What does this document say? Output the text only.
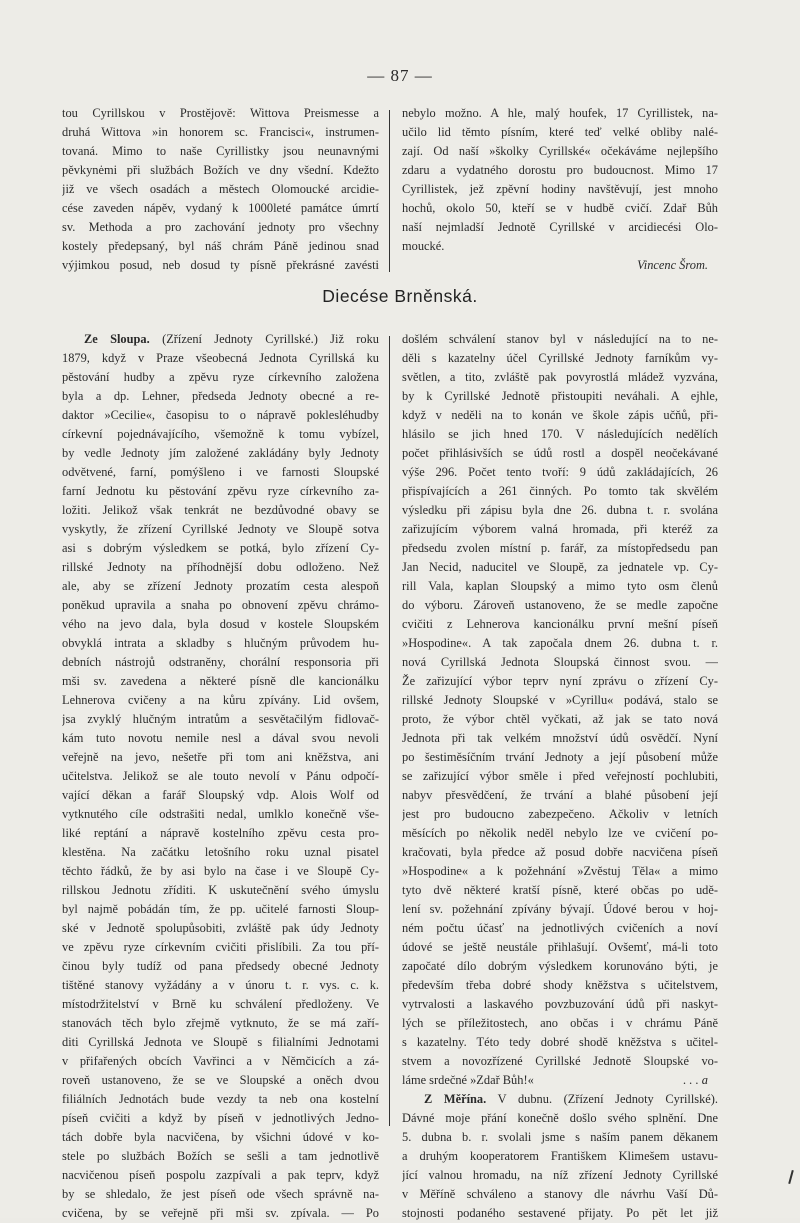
— 87 —
tou Cyrillskou v Prostějově: Wittova Preismesse a
druhá Wittova »in honorem sc. Francisci«, instrumen-
tovaná. Mimo to naše Cyrillistky jsou neunavnými
pěvkynėmi při službách Božích ve dny všední. Kdežto
již ve všech osadách a městech Olomoucké arcidie-
cése zaveden nápěv, vydaný k 1000leté památce úmrtí
sv. Methoda a pro zachování jednoty pro všechny
kostely předepsaný, byl náš chrám Páně jedinou snad
výjimkou posud, neb dosud ty písně překrásné zavésti
nebylo možno. A hle, malý houfek, 17 Cyrillistek, na-
učilo lid těmto písním, které teď velké obliby nalé-
zají. Od naší »školky Cyrillské« očekáváme nejlepšího
zdaru a vydatného dorostu pro budoucnost. Mimo 17
Cyrillistek, jež zpěvní hodiny navštěvují, jest mnoho
hochů, okolo 50, kteří se v hudbě cvičí. Zdař Bůh
naší nejmladší Jednotě Cyrillské v arcidiecési Olo-
moucké.
Vincenc Šrom.
Diecése Brněnská.
Ze Sloupa. (Zřízení Jednoty Cyrillské.) Již roku
1879, když v Praze všeobecná Jednota Cyrillská ku
pěstování hudby a zpěvu ryze církevního založena
byla a dp. Lehner, předseda Jednoty obecné a re-
daktor »Cecilie«, časopisu to o nápravě poklesléhudby
církevní pojednávajícího, všemožně k tomu vybízel,
by vedle Jednoty jím založené zakládány byly Jednoty
odvětvené, farní, pomýšleno i ve farnosti Sloupské
farní Jednotu ku pěstování zpěvu ryze církevního za-
ložiti. Jelikož však tenkrát ne bezdůvodné obavy se
vyskytly, že zřízení Cyrillské Jednoty ve Sloupě sotva
asi s dobrým výsledkem se potká, bylo zřízení Cy-
rillské Jednoty na příhodnější dobu odloženo. Než
ale, aby se zřízení Jednoty prozatím cesta alespoň
poněkud upravila a snaha po obnovení zpěvu chrámo-
vého na jevo dala, byla dosud v kostele Sloupském
obvyklá intrata a skladby s hlučným průvodem hu-
debních nástrojů odstraněny, chorální responsoria při
mši sv. zavedena a některé písně dle kancionálku
Lehnerova cvičeny a na kůru zpívány. Lid ovšem,
jsa zvyklý hlučným intratům a sesvětačilým fidlovač-
kám tuto novotu nemile nesl a dával svou nevoli
veřejně na jevo, nešetře při tom ani kněžstva, ani
učitelstva. Jelikož se ale touto nevolí v Pánu odpočí-
vající děkan a farář Sloupský vdp. Alois Wolf od
vytknutého cíle odstrašiti nedal, umlklo konečně vše-
liké reptání a nápravě kostelního zpěvu cesta pro-
klestěna. Na začátku letošního roku uznal pisatel
těchto řádků, že by asi bylo na čase i ve Sloupě Cy-
rillskou Jednotu zříditi. K uskutečnění svého úmyslu
byl najmě pobádán tím, že pp. učitelé farnosti Sloup-
ské v Jednotě spolupůsobiti, zvláště pak údy Jednoty
ve zpěvu ryze církevním cvičiti přislíbili. Za tou pří-
činou byly tudíž od pana předsedy obecné Jednoty
tištěné stanovy vyžádány a v únoru t. r. vys. c. k.
místodržitelství v Brně ku schválení předloženy. Ve
stanovách těch bylo zřejmě vytknuto, že se má zaří-
diti Cyrillská Jednota ve Sloupě s filialními Jednotami
v přifařených obcích Vavřinci a v Němčicích a zá-
roveň ustanoveno, že se ve Sloupské a oněch dvou
filiálních Jednotách bude vezdy ta neb ona kostelní
píseň cvičiti a když by píseň v jednotlivých Jedno-
tách dobře byla nacvičena, by všichni údové v ko-
stele po službách Božích se sešli a tam jednotlivě
nacvičenou píseň pospolu zazpívali a pak teprv, když
by se shledalo, že jest píseň ode všech správně na-
cvičena, by se veřejně při mši sv. zpívala. — Po
došlém schválení stanov byl v následující na to ne-
děli s kazatelny účel Cyrillské Jednoty farníkům vy-
světlen, a tito, zvláště pak povyrostlá mládež vyzvána,
by k Cyrillské Jednotě přistoupiti neváhali. A ejhle,
když v neděli na to konán ve škole zápis učňů, při-
hlásilo se jich hned 170. V následujících nedělích
počet přihlásivších se údů rostl a dospěl neočekávané
výše 296. Počet tento tvoří: 9 údů zakládajících, 26
přispívajících a 261 činných. Po tomto tak skvělém
výsledku při zápisu byla dne 26. dubna t. r. svolána
zařizujícím výborem valná hromada, při kteréž za
předsedu zvolen místní p. farář, za místopředsedu pan
Jan Necid, naducitel ve Sloupě, za jednatele vp. Cy-
rill Vala, kaplan Sloupský a mimo tyto osm členů
do výboru. Zároveň ustanoveno, že se medle započne
cvičiti z Lehnerova kancionálku první mešní píseň
»Hospodine«. A tak započala dnem 26. dubna t. r.
nová Cyrillská Jednota Sloupská činnost svou. —
Že zařizující výbor teprv nyní zprávu o zřízení Cy-
rillské Jednoty Sloupské v »Cyrillu« podává, stalo se
proto, že výbor chtěl vyčkati, až jak se tato nová
Jednota při tak velkém množství údů osvědčí. Nyní
po šestiměsíčním trvání Jednoty a její působení může
se zařizující výbor směle i před veřejností pochlubiti,
nabyv přesvědčení, že trvání a blahé působení její
jest pro budoucno zabezpečeno. Ačkoliv v letních
měsících po několik neděl nebylo lze ve cvičení po-
kračovati, byla předce až posud dobře nacvičena píseň
»Hospodine« a k požehnání »Zvěstuj Těla« a mimo
tyto dvě některé kratší písně, které občas po udě-
lení sv. požehnání zpívány bývají. Údové berou v hoj-
ném počtu účasť na jednotlivých cvičeních a noví
údové se ještě neustále přihlašují. Ovšemť, má-li toto
započaté dílo dobrým výsledkem korunováno býti, je
především třeba dobré shody kněžstva s učitelstvem,
vytrvalosti a laskavého povzbuzování údů při naskyt-
lých se příležitostech, ano občas i v chrámu Páně
s kazatelny. Této tedy dobré shodě kněžstva s učitel-
stvem a novozřízené Cyrillské Jednotě Sloupské vo-
láme srdečné »Zdař Bůh!«	. . . a
Z Měřína. V dubnu. (Zřízení Jednoty Cyrillské).
Dávné moje přání konečně došlo svého splnění. Dne
5. dubna b. r. svolali jsme s naším panem děkanem
a druhým kooperatorem Františkem Klimešem ustavu-
jící valnou hromadu, na níž zřízení Jednoty Cyrillské
v Měříně schváleno a stanovy dle návrhu Vaší Dů-
stojnosti podaného sestavené přijaty. Po pět let již
